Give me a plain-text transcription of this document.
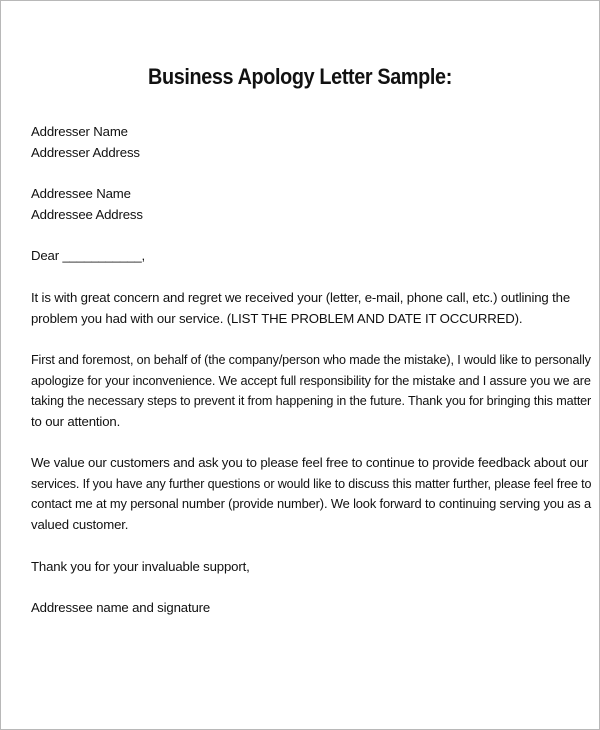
Business Apology Letter Sample:
Addresser Name
Addresser Address
Addressee Name
Addressee Address
Dear ___________,
It is with great concern and regret we received your (letter, e-mail, phone call, etc.) outlining the
problem you had with our service. (LIST THE PROBLEM AND DATE IT OCCURRED).
First and foremost, on behalf of (the company/person who made the mistake), I would like to personally
apologize for your inconvenience. We accept full responsibility for the mistake and I assure you we are
taking the necessary steps to prevent it from happening in the future. Thank you for bringing this matter
to our attention.
We value our customers and ask you to please feel free to continue to provide feedback about our
services. If you have any further questions or would like to discuss this matter further, please feel free to
contact me at my personal number (provide number). We look forward to continuing serving you as a
valued customer.
Thank you for your invaluable support,
Addressee name and signature
